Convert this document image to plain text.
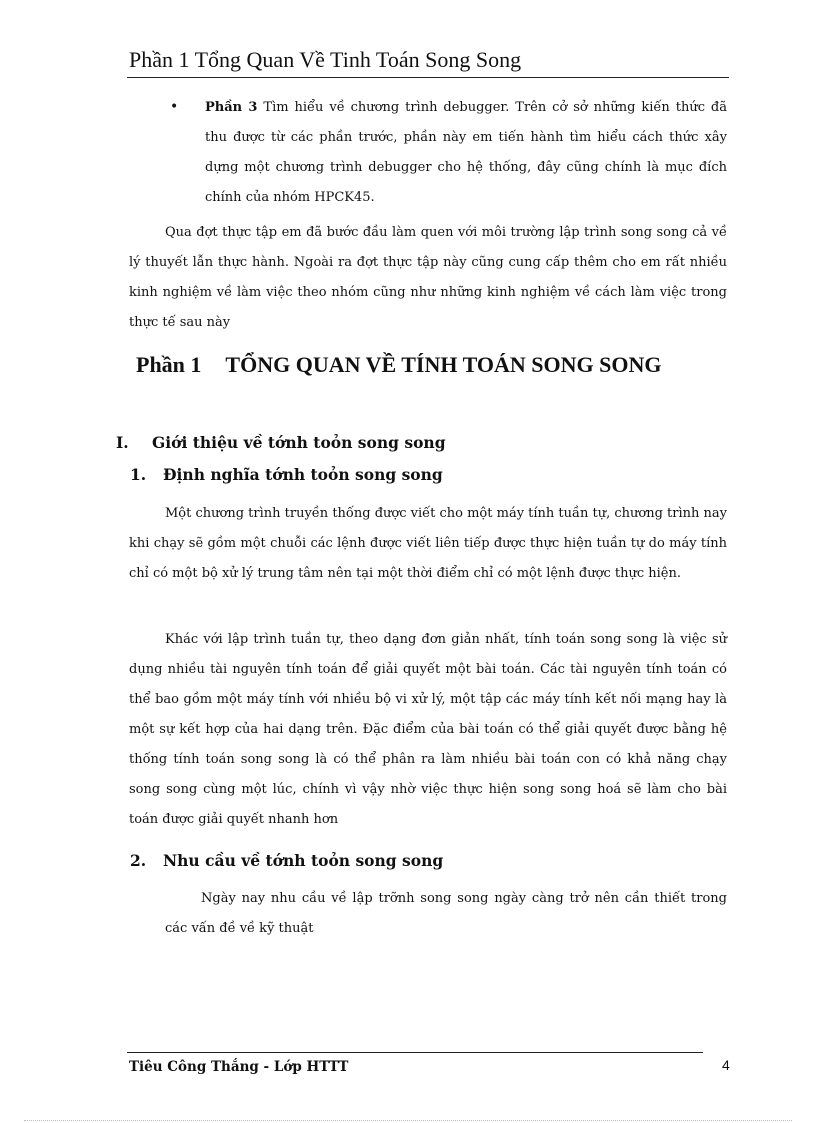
Phần 1 Tổng Quan Về Tinh Toán Song Song
• Phần 3 Tìm hiểu về chương trình debugger. Trên cở sở những kiến thức đã thu được từ các phần trước, phần này em tiến hành tìm hiểu cách thức xây dựng một chương trình debugger cho hệ thống, đây cũng chính là mục đích chính của nhóm HPCK45.
Qua đợt thực tập em đã bước đầu làm quen với môi trường lập trình song song cả về lý thuyết lẫn thực hành. Ngoài ra đợt thực tập này cũng cung cấp thêm cho em rất nhiều kinh nghiệm về làm việc theo nhóm cũng như những kinh nghiệm về cách làm việc trong thực tế sau này
Phần 1 TỔNG QUAN VỀ TÍNH TOÁN SONG SONG
I. Giới thiệu về tớnh toỏn song song
1. Định nghĩa tớnh toỏn song song
Một chương trình truyền thống được viết cho một máy tính tuần tự, chương trình nay khi chạy sẽ gồm một chuỗi các lệnh được viết liên tiếp được thực hiện tuần tự do máy tính chỉ có một bộ xử lý trung tâm nên tại một thời điểm chỉ có một lệnh được thực hiện.
Khác với lập trình tuần tự, theo dạng đơn giản nhất, tính toán song song là việc sử dụng nhiều tài nguyên tính toán để giải quyết một bài toán. Các tài nguyên tính toán có thể bao gồm một máy tính với nhiều bộ vi xử lý, một tập các máy tính kết nối mạng hay là một sự kết hợp của hai dạng trên. Đặc điểm của bài toán có thể giải quyết được bằng hệ thống tính toán song song là có thể phân ra làm nhiều bài toán con có khả năng chạy song song cùng một lúc, chính vì vậy nhờ việc thực hiện song song hoá sẽ làm cho bài toán được giải quyết nhanh hơn
2. Nhu cầu về tớnh toỏn song song
Ngày nay nhu cầu về lập trỡnh song song ngày càng trở nên cần thiết trong các vấn đề về kỹ thuật
Tiêu Công Thắng - Lớp HTTT	4
